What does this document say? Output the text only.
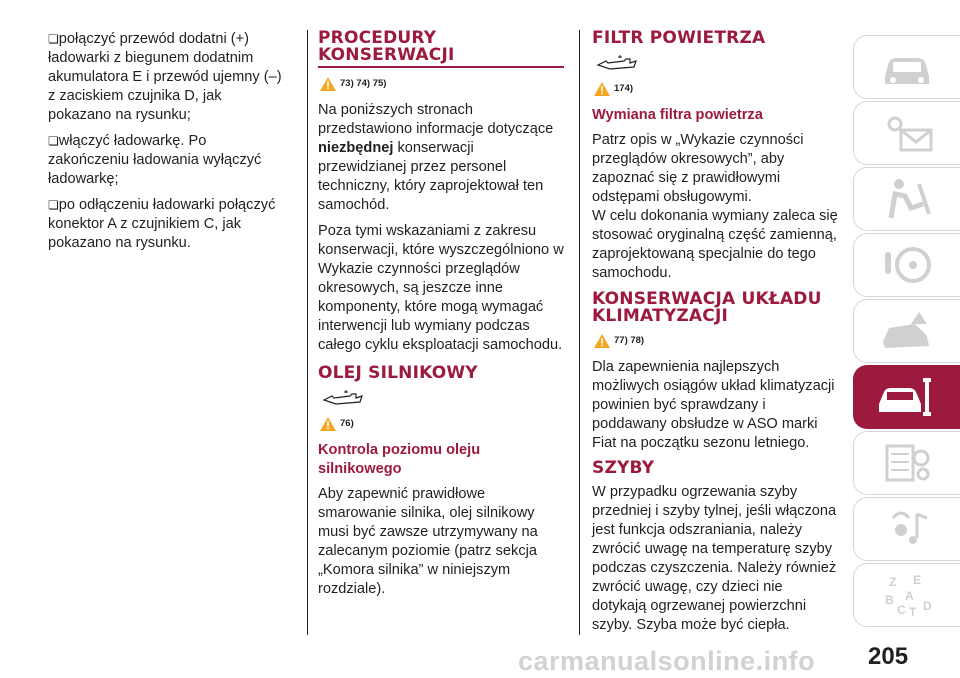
❏połączyć przewód dodatni (+) ładowarki z biegunem dodatnim akumulatora E i przewód ujemny (–) z zaciskiem czujnika D, jak pokazano na rysunku;

❏włączyć ładowarkę. Po zakończeniu ładowania wyłączyć ładowarkę;

❏po odłączeniu ładowarki połączyć konektor A z czujnikiem C, jak pokazano na rysunku.

PROCEDURY
KONSERWACJI
73) 74) 75)

Na poniższych stronach przedstawiono informacje dotyczące niezbędnej konserwacji przewidzianej przez personel techniczny, który zaprojektował ten samochód.

Poza tymi wskazaniami z zakresu konserwacji, które wyszczególniono w Wykazie czynności przeglądów okresowych, są jeszcze inne komponenty, które mogą wymagać interwencji lub wymiany podczas całego cyklu eksploatacji samochodu.

OLEJ SILNIKOWY
76)
Kontrola poziomu oleju silnikowego

Aby zapewnić prawidłowe smarowanie silnika, olej silnikowy musi być zawsze utrzymywany na zalecanym poziomie (patrz sekcja „Komora silnika” w niniejszym rozdziale).

FILTR POWIETRZA
174)
Wymiana filtra powietrza

Patrz opis w „Wykazie czynności przeglądów okresowych”, aby zapoznać się z prawidłowymi odstępami obsługowymi.

W celu dokonania wymiany zaleca się stosować oryginalną część zamienną, zaprojektowaną specjalnie do tego samochodu.

KONSERWACJA UKŁADU
KLIMATYZACJI
77) 78)

Dla zapewnienia najlepszych możliwych osiągów układ klimatyzacji powinien być sprawdzany i poddawany obsłudze w ASO marki Fiat na początku sezonu letniego.

SZYBY

W przypadku ogrzewania szyby przedniej i szyby tylnej, jeśli włączona jest funkcja odszraniania, należy zwrócić uwagę na temperaturę szyby podczas czyszczenia. Należy również zwrócić uwagę, czy dzieci nie dotykają ogrzewanej powierzchni szyby. Szyba może być ciepła.

Z E
B A
C T D
carmanualsonline.info 205
